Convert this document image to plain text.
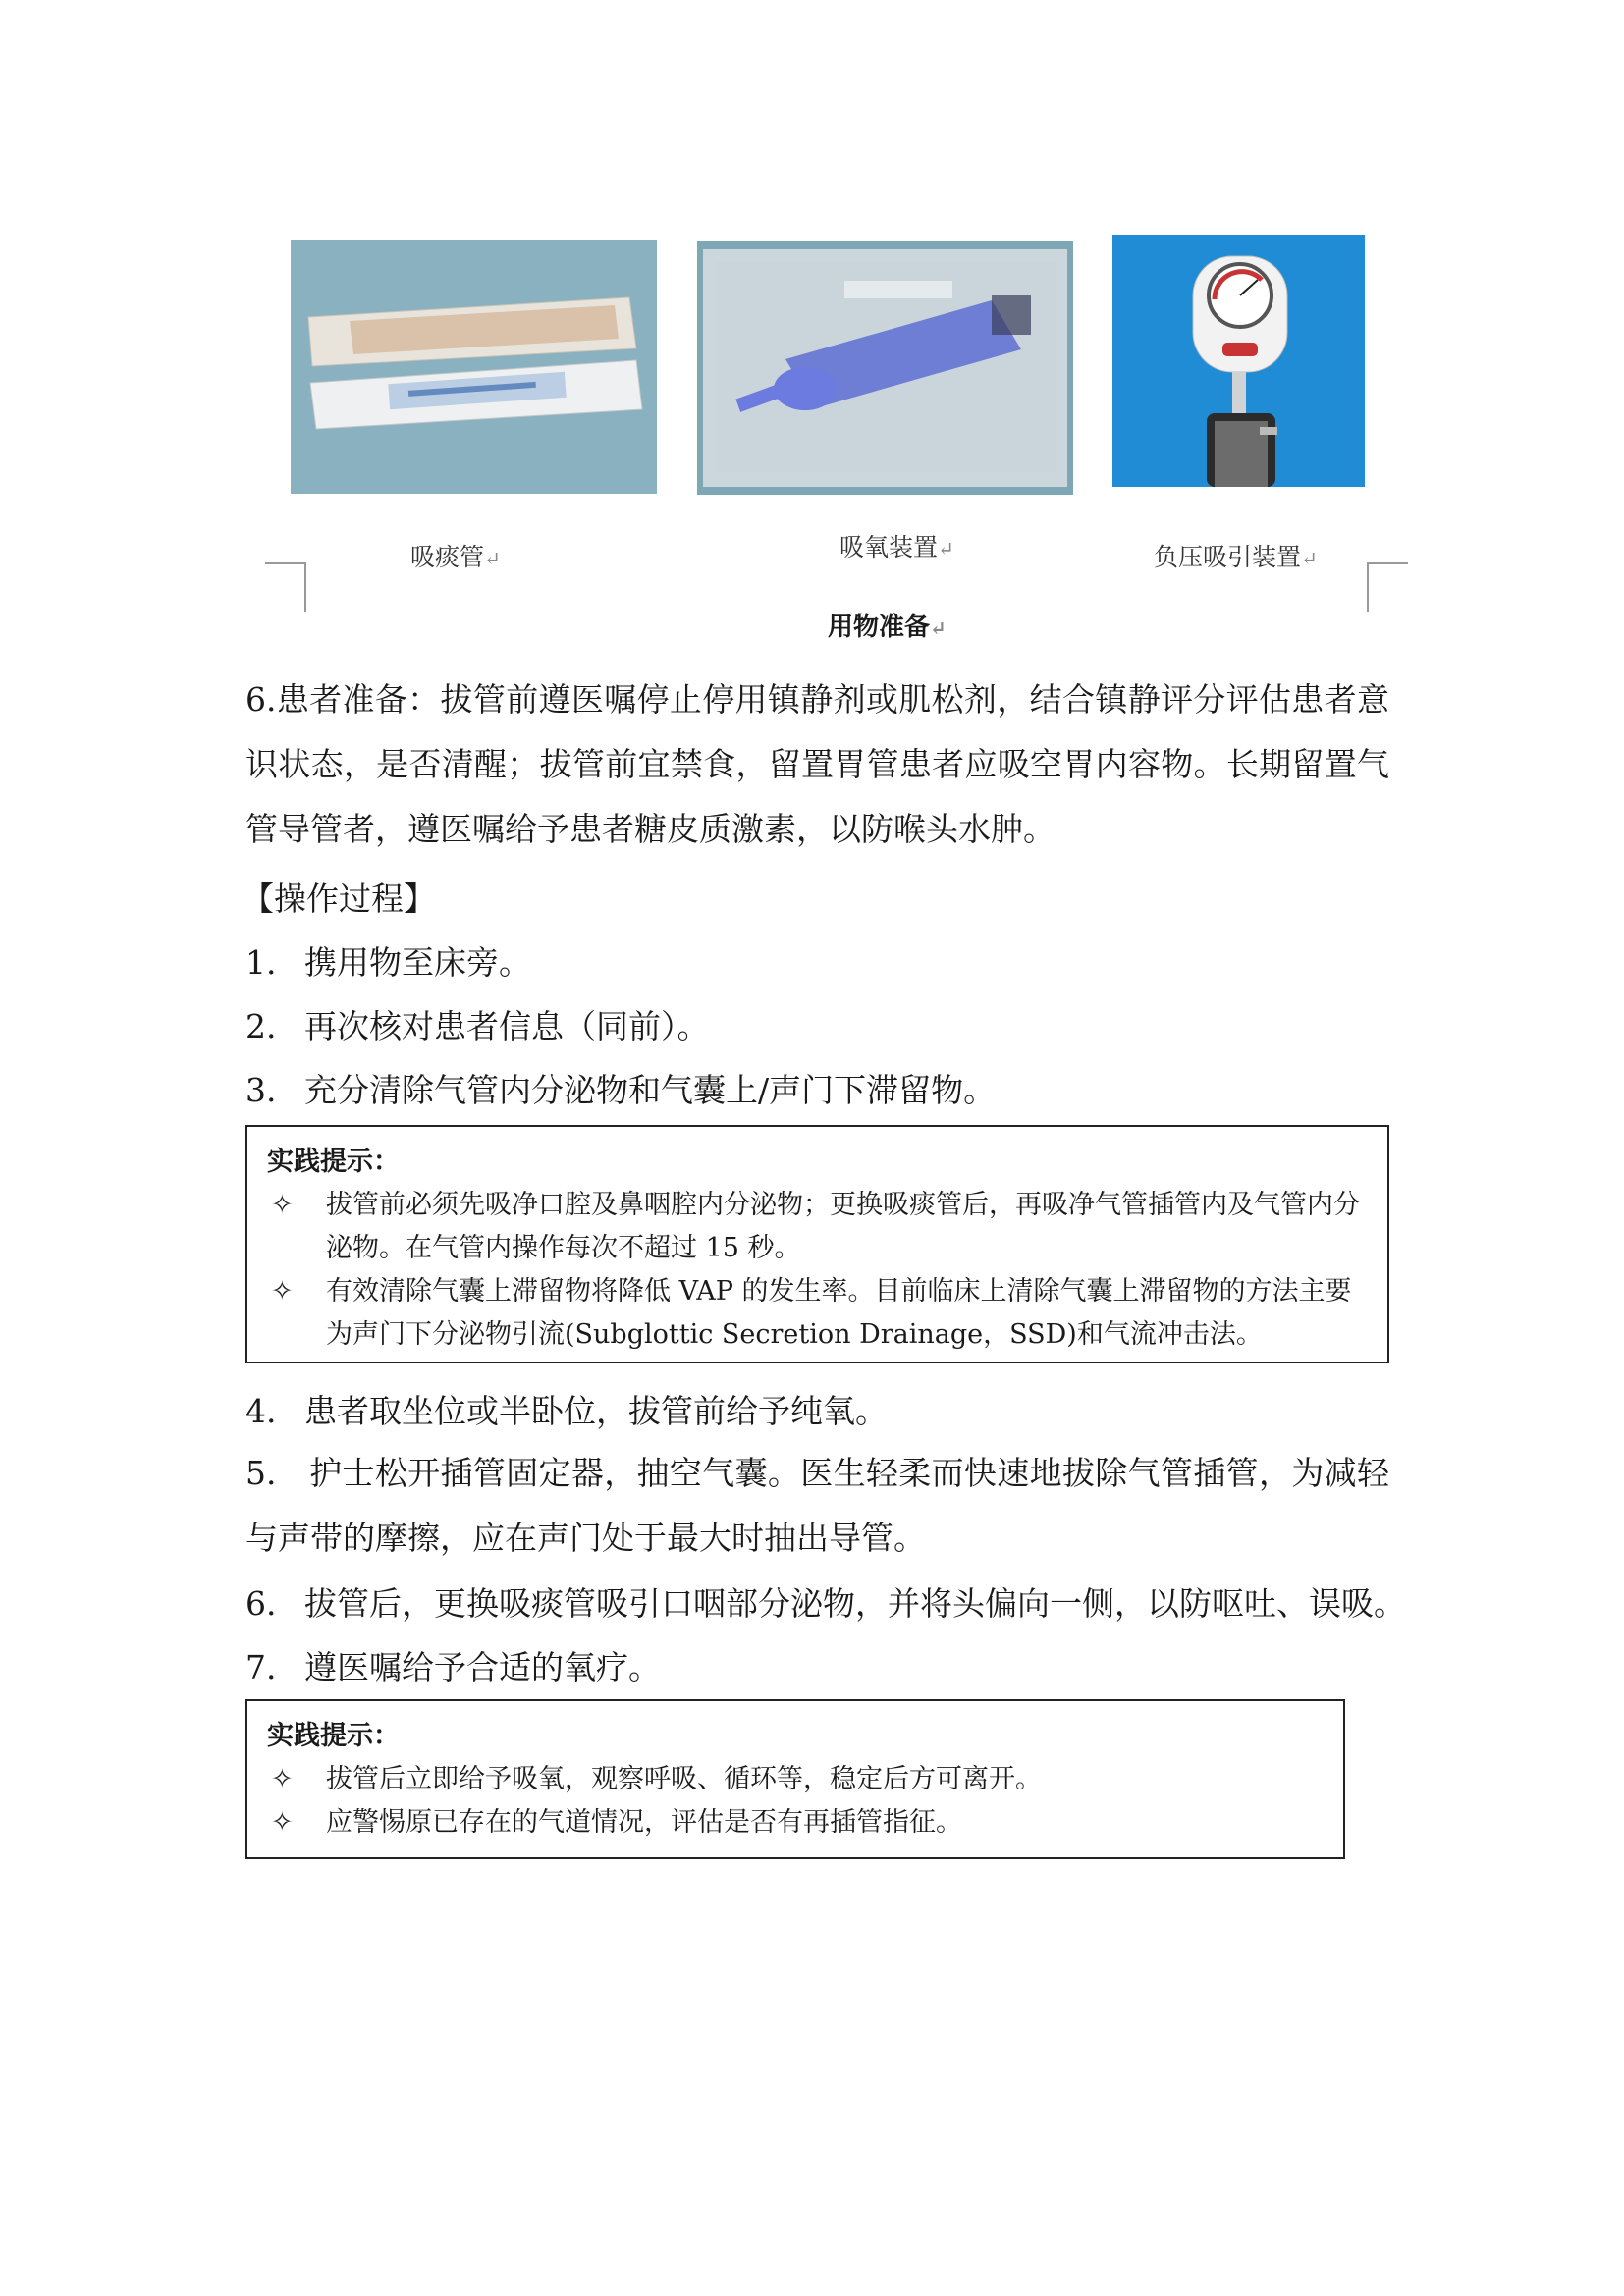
吸痰管↵	吸氧装置↵	负压吸引装置↵
用物准备↵
6.患者准备：拔管前遵医嘱停止停用镇静剂或肌松剂，结合镇静评分评估患者意识状态，是否清醒；拔管前宜禁食，留置胃管患者应吸空胃内容物。长期留置气管导管者，遵医嘱给予患者糖皮质激素，以防喉头水肿。
【操作过程】
1. 携用物至床旁。
2. 再次核对患者信息（同前）。
3. 充分清除气管内分泌物和气囊上/声门下滞留物。
实践提示：
✧ 拔管前必须先吸净口腔及鼻咽腔内分泌物；更换吸痰管后，再吸净气管插管内及气管内分泌物。在气管内操作每次不超过 15 秒。
✧ 有效清除气囊上滞留物将降低 VAP 的发生率。目前临床上清除气囊上滞留物的方法主要为声门下分泌物引流(Subglottic Secretion Drainage，SSD)和气流冲击法。
4. 患者取坐位或半卧位，拔管前给予纯氧。
5.　护士松开插管固定器，抽空气囊。医生轻柔而快速地拔除气管插管，为减轻与声带的摩擦，应在声门处于最大时抽出导管。
6. 拔管后，更换吸痰管吸引口咽部分泌物，并将头偏向一侧，以防呕吐、误吸。
7. 遵医嘱给予合适的氧疗。
实践提示：
✧ 拔管后立即给予吸氧，观察呼吸、循环等，稳定后方可离开。
✧ 应警惕原已存在的气道情况，评估是否有再插管指征。
